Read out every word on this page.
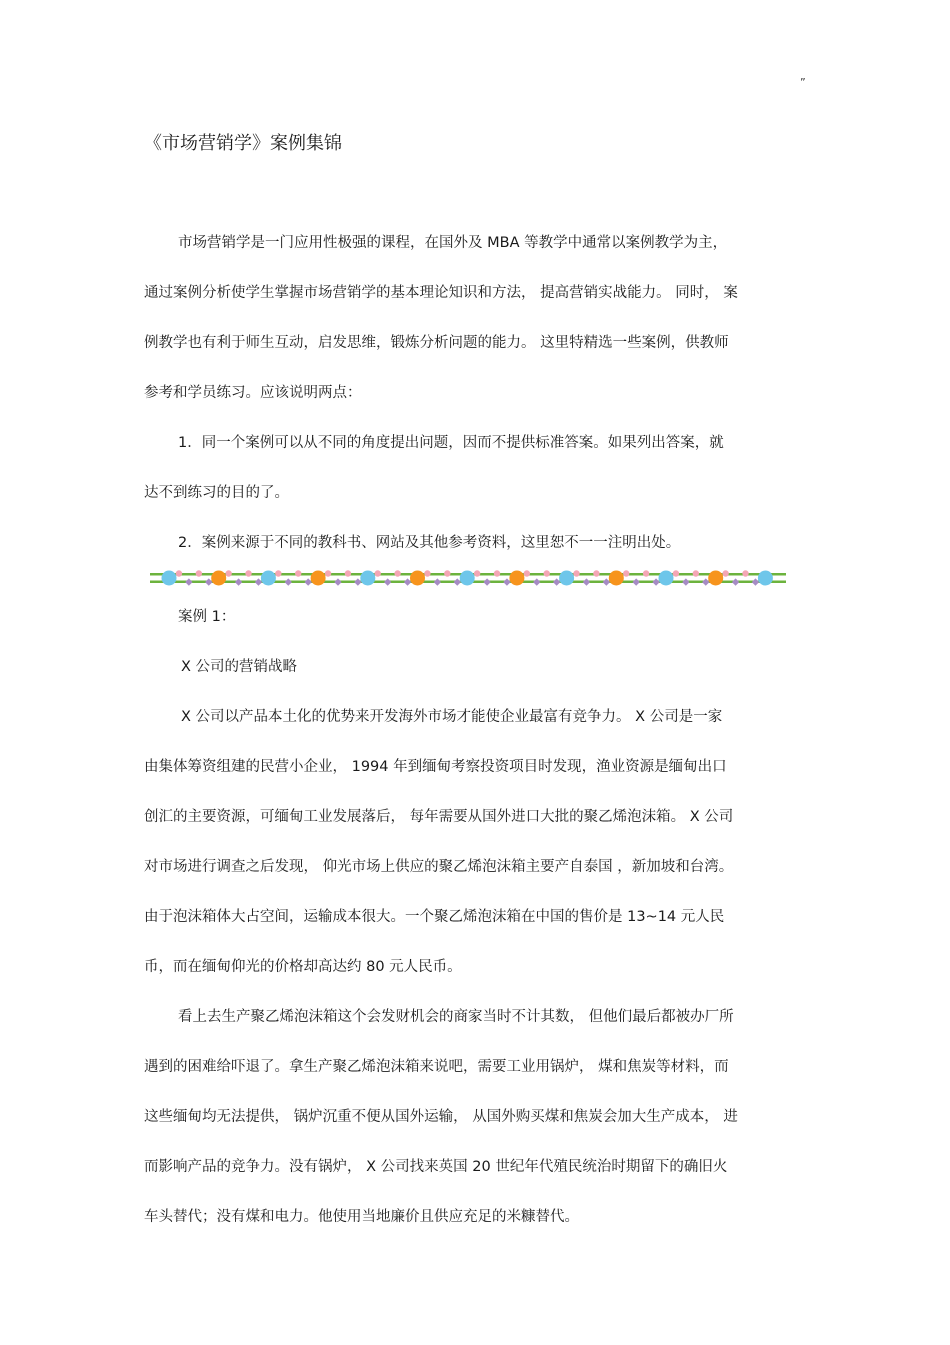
”
《市场营销学》案例集锦
市场营销学是一门应用性极强的课程，在国外及 MBA 等教学中通常以案例教学为主，
通过案例分析使学生掌握市场营销学的基本理论知识和方法， 提高营销实战能力。 同时， 案
例教学也有利于师生互动，启发思维，锻炼分析问题的能力。 这里特精选一些案例，供教师
参考和学员练习。应该说明两点：
1．同一个案例可以从不同的角度提出问题，因而不提供标准答案。如果列出答案，就
达不到练习的目的了。
2．案例来源于不同的教科书、网站及其他参考资料，这里恕不一一注明出处。
案例 1：
X 公司的营销战略
X 公司以产品本土化的优势来开发海外市场才能使企业最富有竞争力。 X 公司是一家
由集体筹资组建的民营小企业， 1994 年到缅甸考察投资项目时发现，渔业资源是缅甸出口
创汇的主要资源，可缅甸工业发展落后， 每年需要从国外进口大批的聚乙烯泡沫箱。 X 公司
对市场进行调查之后发现， 仰光市场上供应的聚乙烯泡沫箱主要产自泰国 ，新加坡和台湾。
由于泡沫箱体大占空间，运输成本很大。一个聚乙烯泡沫箱在中国的售价是 13~14 元人民
币，而在缅甸仰光的价格却高达约 80 元人民币。
看上去生产聚乙烯泡沫箱这个会发财机会的商家当时不计其数， 但他们最后都被办厂所
遇到的困难给吓退了。拿生产聚乙烯泡沫箱来说吧，需要工业用锅炉， 煤和焦炭等材料，而
这些缅甸均无法提供， 锅炉沉重不便从国外运输， 从国外购买煤和焦炭会加大生产成本， 进
而影响产品的竞争力。没有锅炉， X 公司找来英国 20 世纪年代殖民统治时期留下的确旧火
车头替代；没有煤和电力。他使用当地廉价且供应充足的米糠替代。
